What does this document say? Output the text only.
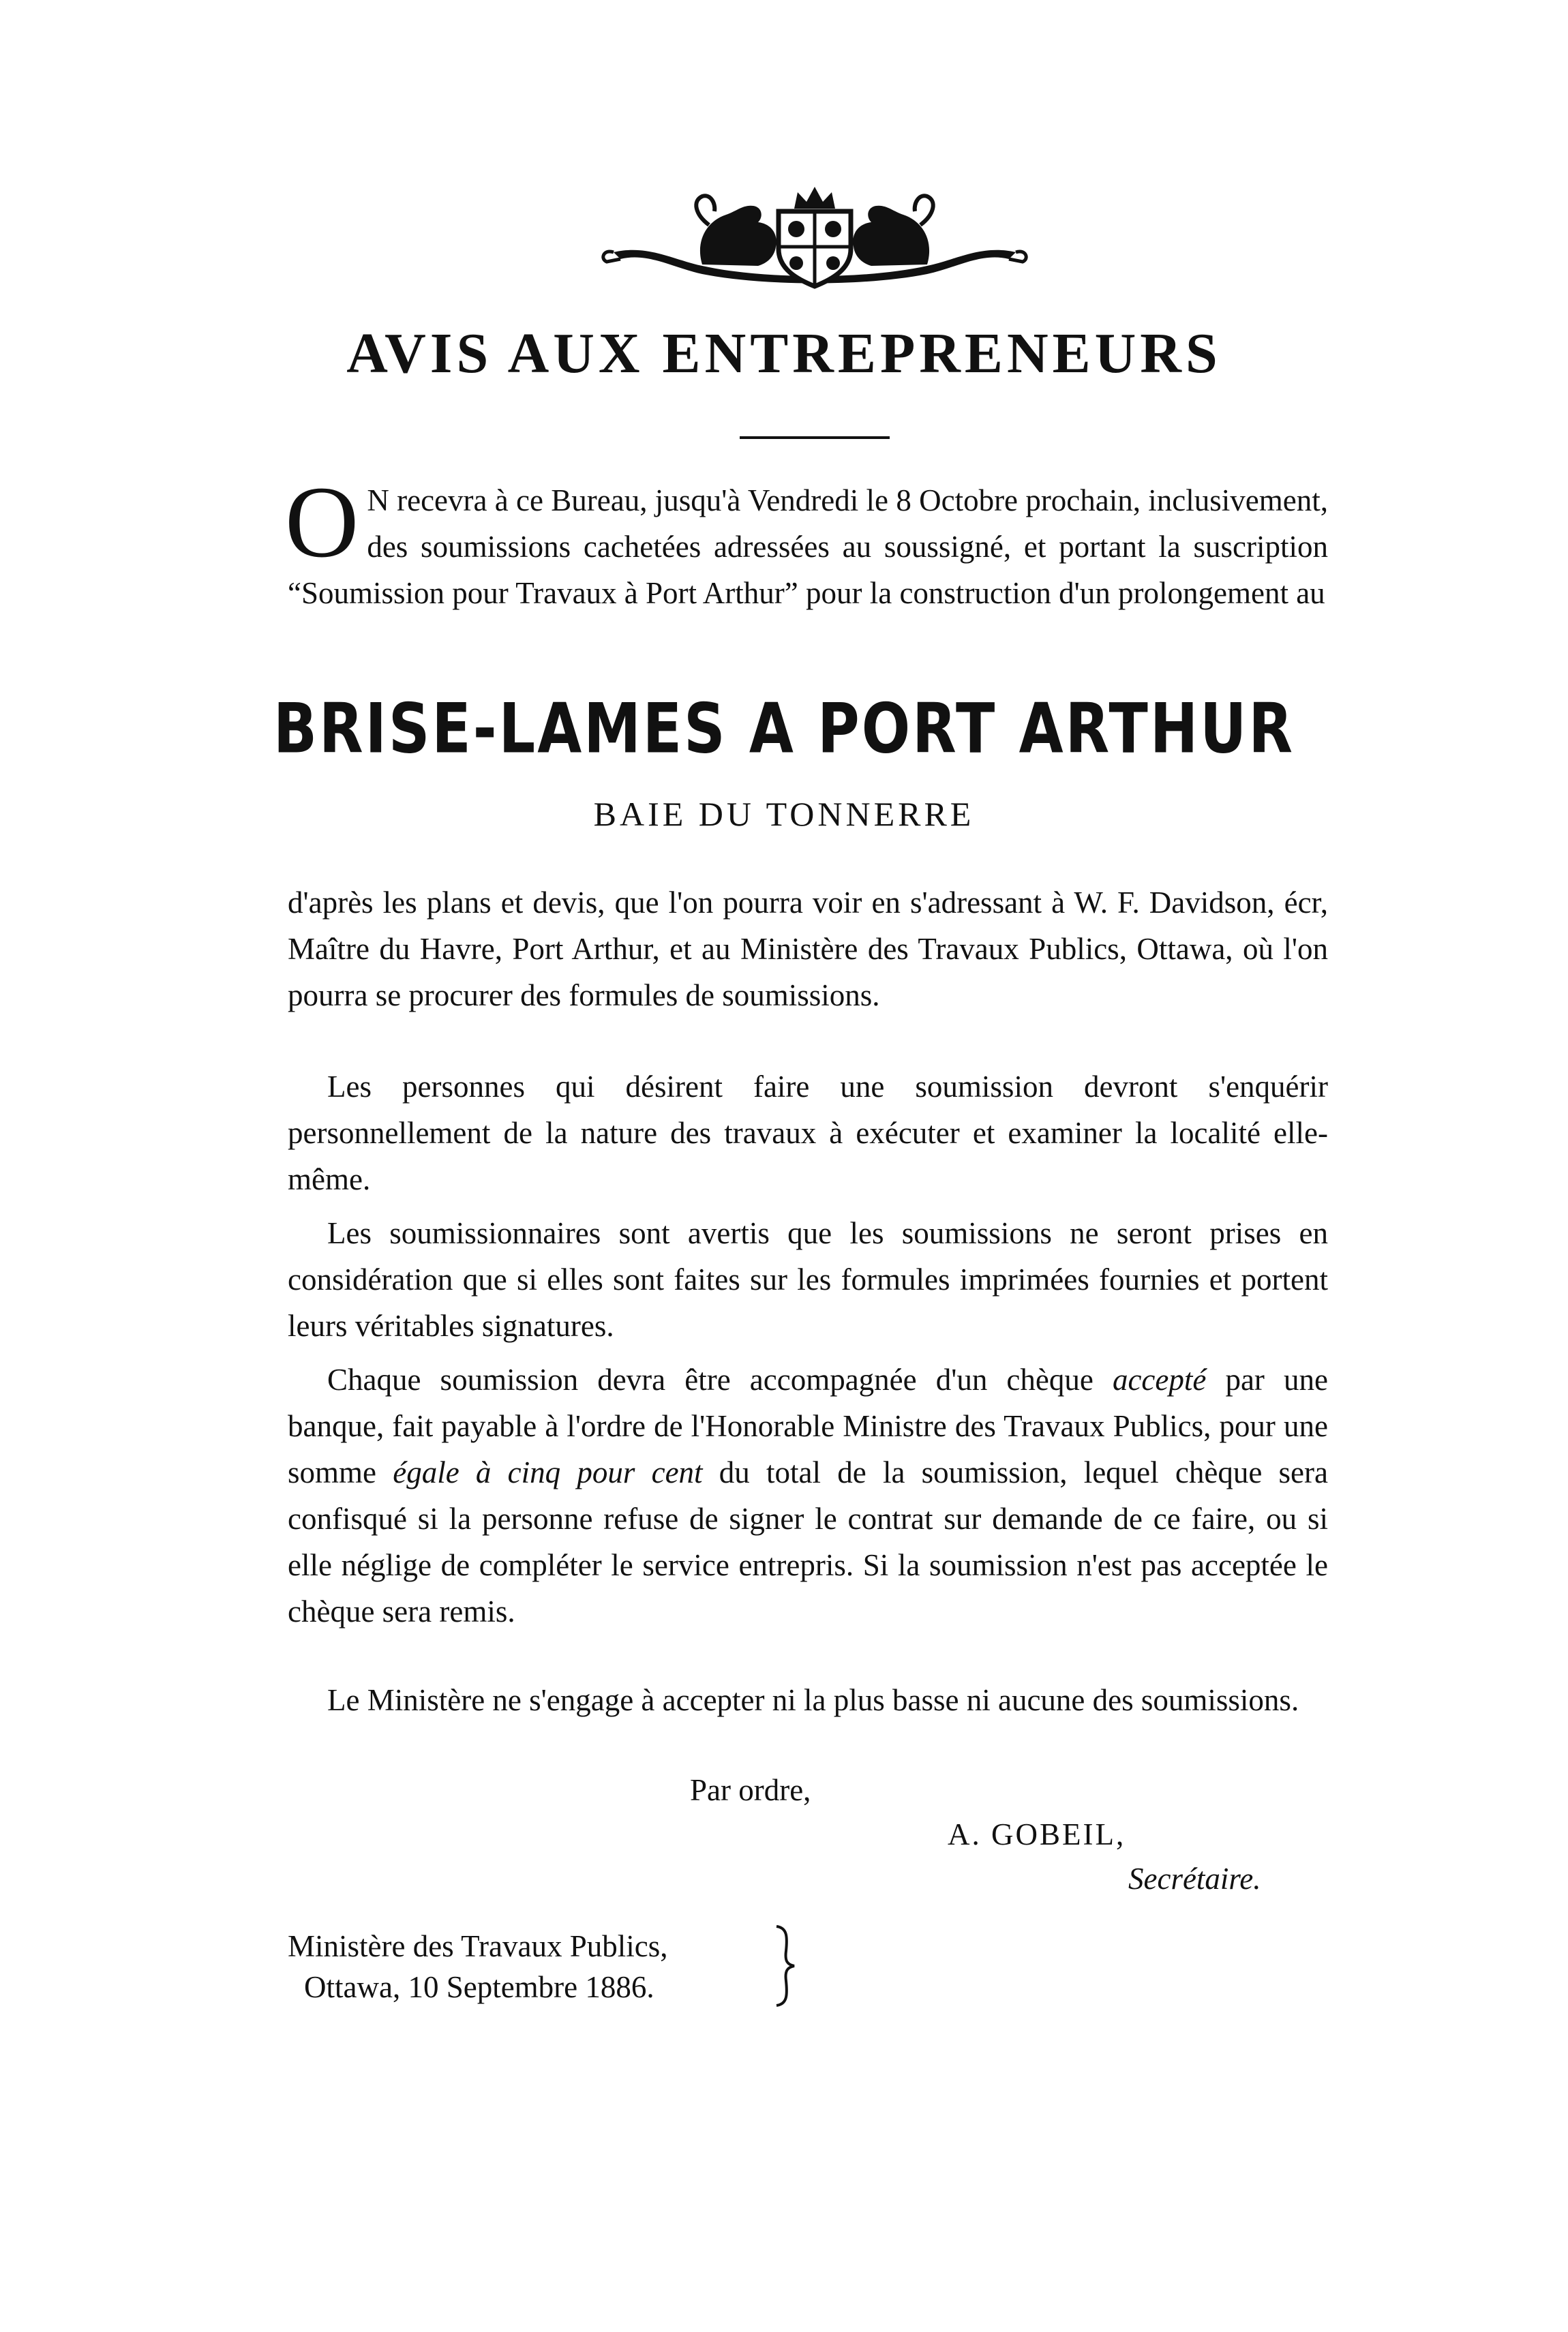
AVIS AUX ENTREPRENEURS
O N recevra à ce Bureau, jusqu'à Vendredi le 8 Octobre prochain, inclusivement, des soumissions cachetées adressées au soussigné, et portant la suscription “Soumission pour Travaux à Port Arthur” pour la construction d'un prolongement au
BRISE-LAMES A PORT ARTHUR
BAIE DU TONNERRE
d'après les plans et devis, que l'on pourra voir en s'adressant à W. F. Davidson, écr, Maître du Havre, Port Arthur, et au Ministère des Travaux Publics, Ottawa, où l'on pourra se procurer des formules de soumissions.
Les personnes qui désirent faire une soumission devront s'enquérir personnellement de la nature des travaux à exécuter et examiner la localité elle-même.
Les soumissionnaires sont avertis que les soumissions ne seront prises en considération que si elles sont faites sur les formules imprimées fournies et portent leurs véritables signatures.
Chaque soumission devra être accompagnée d'un chèque accepté par une banque, fait payable à l'ordre de l'Honorable Ministre des Travaux Publics, pour une somme égale à cinq pour cent du total de la soumission, lequel chèque sera confisqué si la personne refuse de signer le contrat sur demande de ce faire, ou si elle néglige de compléter le service entrepris. Si la soumission n'est pas acceptée le chèque sera remis.
Le Ministère ne s'engage à accepter ni la plus basse ni aucune des soumissions.
Par ordre,
A. GOBEIL,
Secrétaire.
Ministère des Travaux Publics,
Ottawa, 10 Septembre 1886.
